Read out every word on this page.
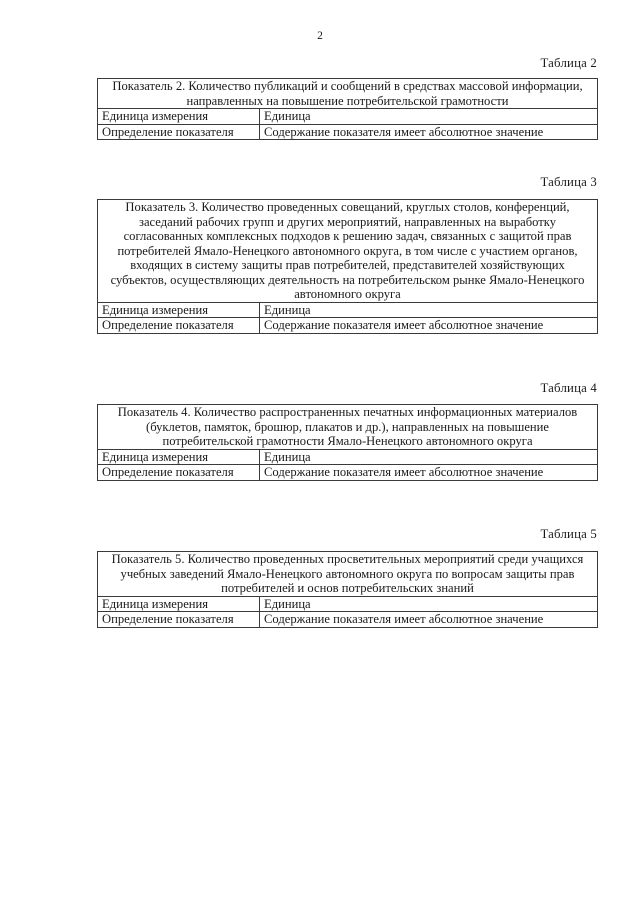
2
Таблица 2
Показатель 2. Количество публикаций и сообщений в средствах массовой информации, направленных на повышение потребительской грамотности	
Единица измерения	Единица
Определение показателя	Содержание показателя имеет абсолютное значение
Таблица 3
Показатель 3. Количество проведенных совещаний, круглых столов, конференций, заседаний рабочих групп и других мероприятий, направленных на выработку согласованных комплексных подходов к решению задач, связанных с защитой прав потребителей Ямало-Ненецкого автономного округа, в том числе с участием органов, входящих в систему защиты прав потребителей, представителей хозяйствующих субъектов, осуществляющих деятельность на потребительском рынке Ямало-Ненецкого автономного округа	
Единица измерения	Единица
Определение показателя	Содержание показателя имеет абсолютное значение
Таблица 4
Показатель 4. Количество распространенных печатных информационных материалов (буклетов, памяток, брошюр, плакатов и др.), направленных на повышение потребительской грамотности Ямало-Ненецкого автономного округа	
Единица измерения	Единица
Определение показателя	Содержание показателя имеет абсолютное значение
Таблица 5
Показатель 5. Количество проведенных просветительных мероприятий среди учащихся учебных заведений Ямало-Ненецкого автономного округа по вопросам защиты прав потребителей и основ потребительских знаний	
Единица измерения	Единица
Определение показателя	Содержание показателя имеет абсолютное значение
